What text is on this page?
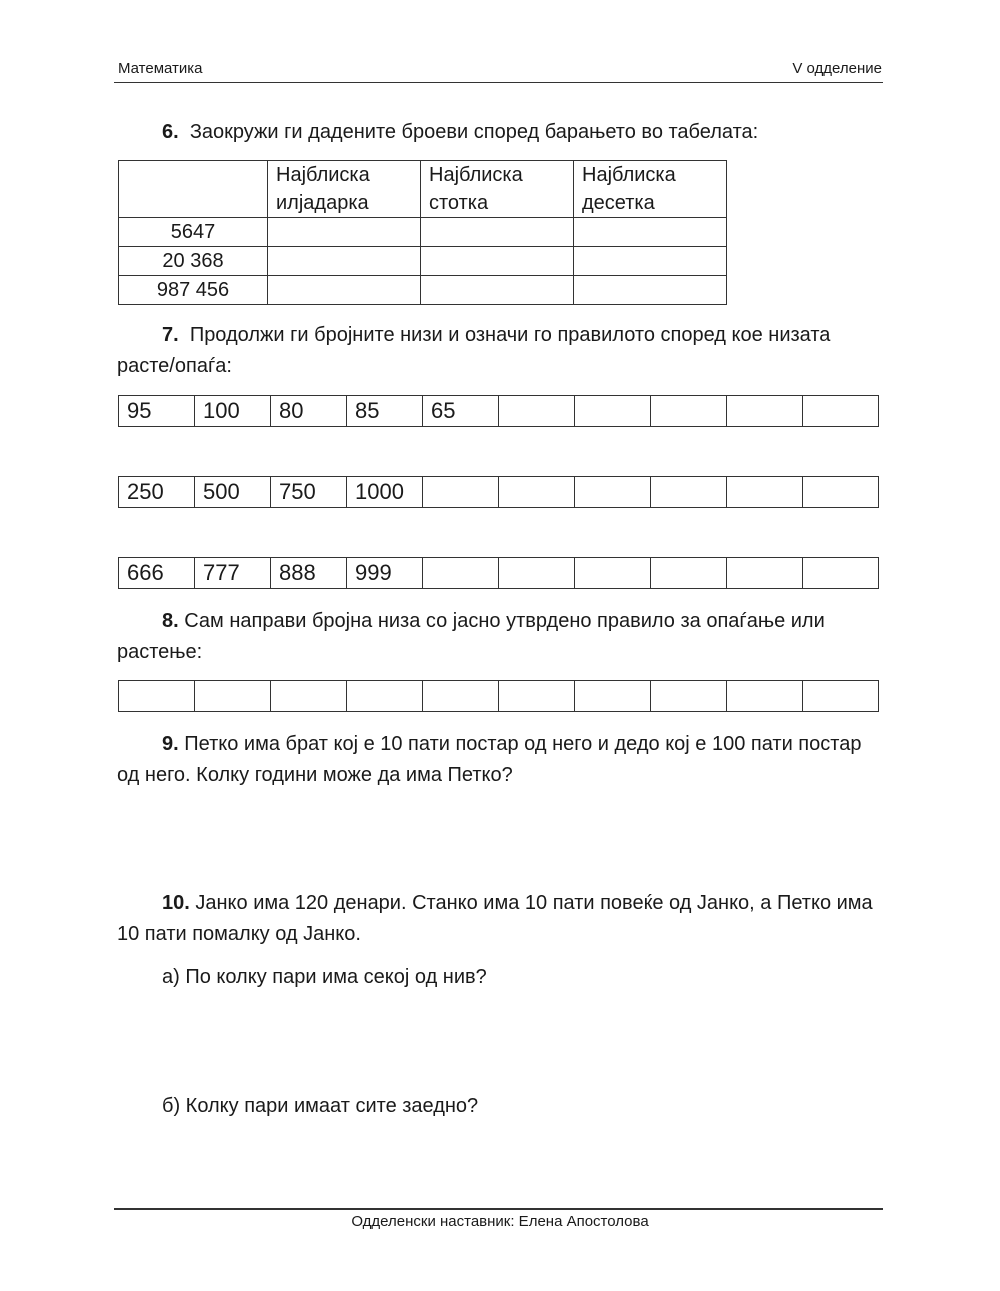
Математика	V одделение
6. Заокружи ги дадените броеви според барањето во табелата:
	Најблиска илјадарка	Најблиска стотка	Најблиска десетка
5647			
20 368			
987 456			
7. Продолжи ги бројните низи и означи го правилото според кое низата расте/опаѓа:
95	100	80	85	65					
250	500	750	1000						
666	777	888	999						
8. Сам направи бројна низа со јасно утврдено правило за опаѓање или растење:

9. Петко има брат кој е 10 пати постар од него и дедо кој е 100 пати постар од него. Колку години може да има Петко?
10. Јанко има 120 денари. Станко има 10 пати повеќе од Јанко, а Петко има 10 пати помалку од Јанко.
а) По колку пари има секој од нив?
б) Колку пари имаат сите заедно?
Одделенски наставник: Елена Апостолова
